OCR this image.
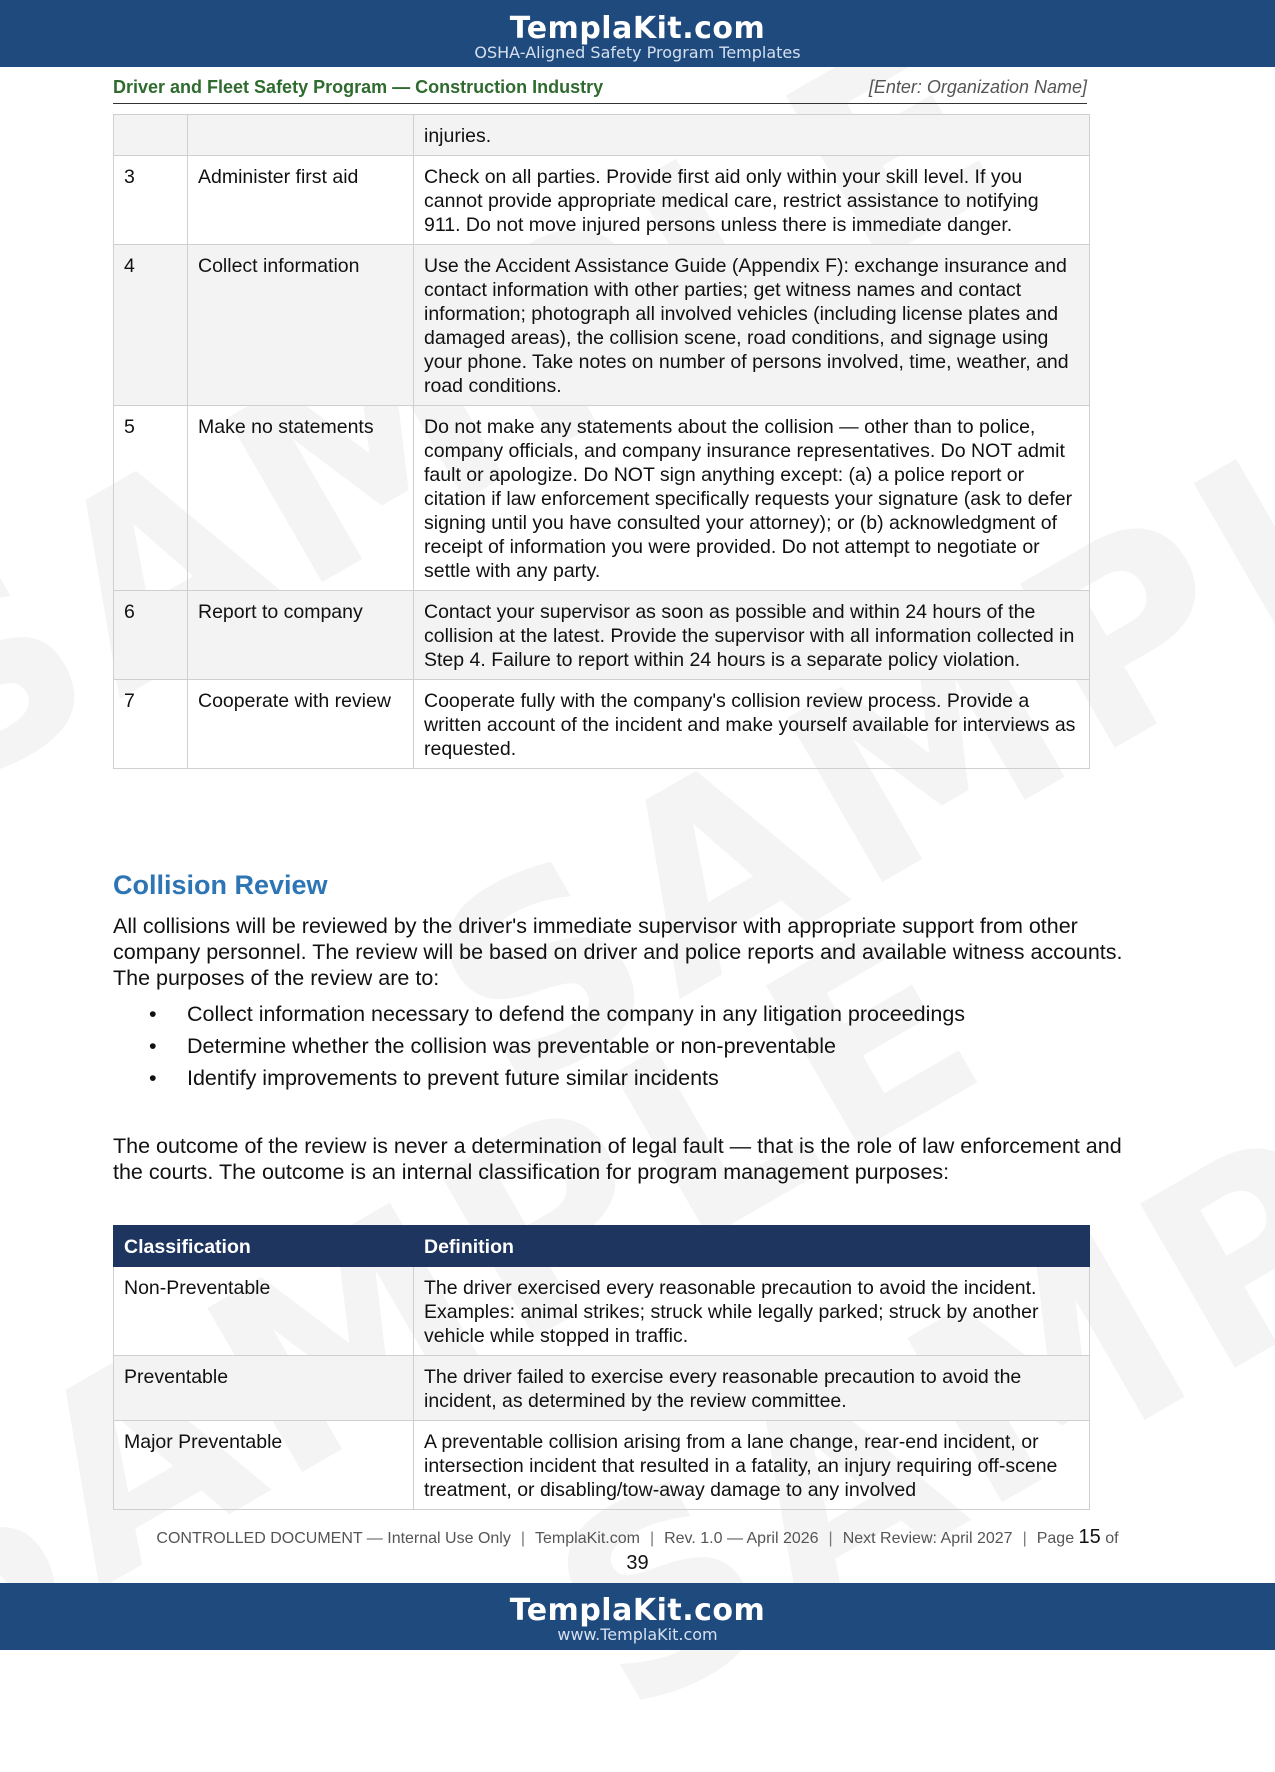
TemplaKit.com
OSHA-Aligned Safety Program Templates
Driver and Fleet Safety Program — Construction Industry	[Enter: Organization Name]
		injuries.
3	Administer first aid	Check on all parties. Provide first aid only within your skill level. If you cannot provide appropriate medical care, restrict assistance to notifying 911. Do not move injured persons unless there is immediate danger.
4	Collect information	Use the Accident Assistance Guide (Appendix F): exchange insurance and contact information with other parties; get witness names and contact information; photograph all involved vehicles (including license plates and damaged areas), the collision scene, road conditions, and signage using your phone. Take notes on number of persons involved, time, weather, and road conditions.
5	Make no statements	Do not make any statements about the collision — other than to police, company officials, and company insurance representatives. Do NOT admit fault or apologize. Do NOT sign anything except: (a) a police report or citation if law enforcement specifically requests your signature (ask to defer signing until you have consulted your attorney); or (b) acknowledgment of receipt of information you were provided. Do not attempt to negotiate or settle with any party.
6	Report to company	Contact your supervisor as soon as possible and within 24 hours of the collision at the latest. Provide the supervisor with all information collected in Step 4. Failure to report within 24 hours is a separate policy violation.
7	Cooperate with review	Cooperate fully with the company's collision review process. Provide a written account of the incident and make yourself available for interviews as requested.
Collision Review
All collisions will be reviewed by the driver's immediate supervisor with appropriate support from other company personnel. The review will be based on driver and police reports and available witness accounts. The purposes of the review are to:
• Collect information necessary to defend the company in any litigation proceedings
• Determine whether the collision was preventable or non-preventable
• Identify improvements to prevent future similar incidents
The outcome of the review is never a determination of legal fault — that is the role of law enforcement and the courts. The outcome is an internal classification for program management purposes:
Classification	Definition
Non-Preventable	The driver exercised every reasonable precaution to avoid the incident. Examples: animal strikes; struck while legally parked; struck by another vehicle while stopped in traffic.
Preventable	The driver failed to exercise every reasonable precaution to avoid the incident, as determined by the review committee.
Major Preventable	A preventable collision arising from a lane change, rear-end incident, or intersection incident that resulted in a fatality, an injury requiring off-scene treatment, or disabling/tow-away damage to any involved
CONTROLLED DOCUMENT — Internal Use Only | TemplaKit.com | Rev. 1.0 — April 2026 | Next Review: April 2027 | Page 15 of
39
TemplaKit.com
www.TemplaKit.com
